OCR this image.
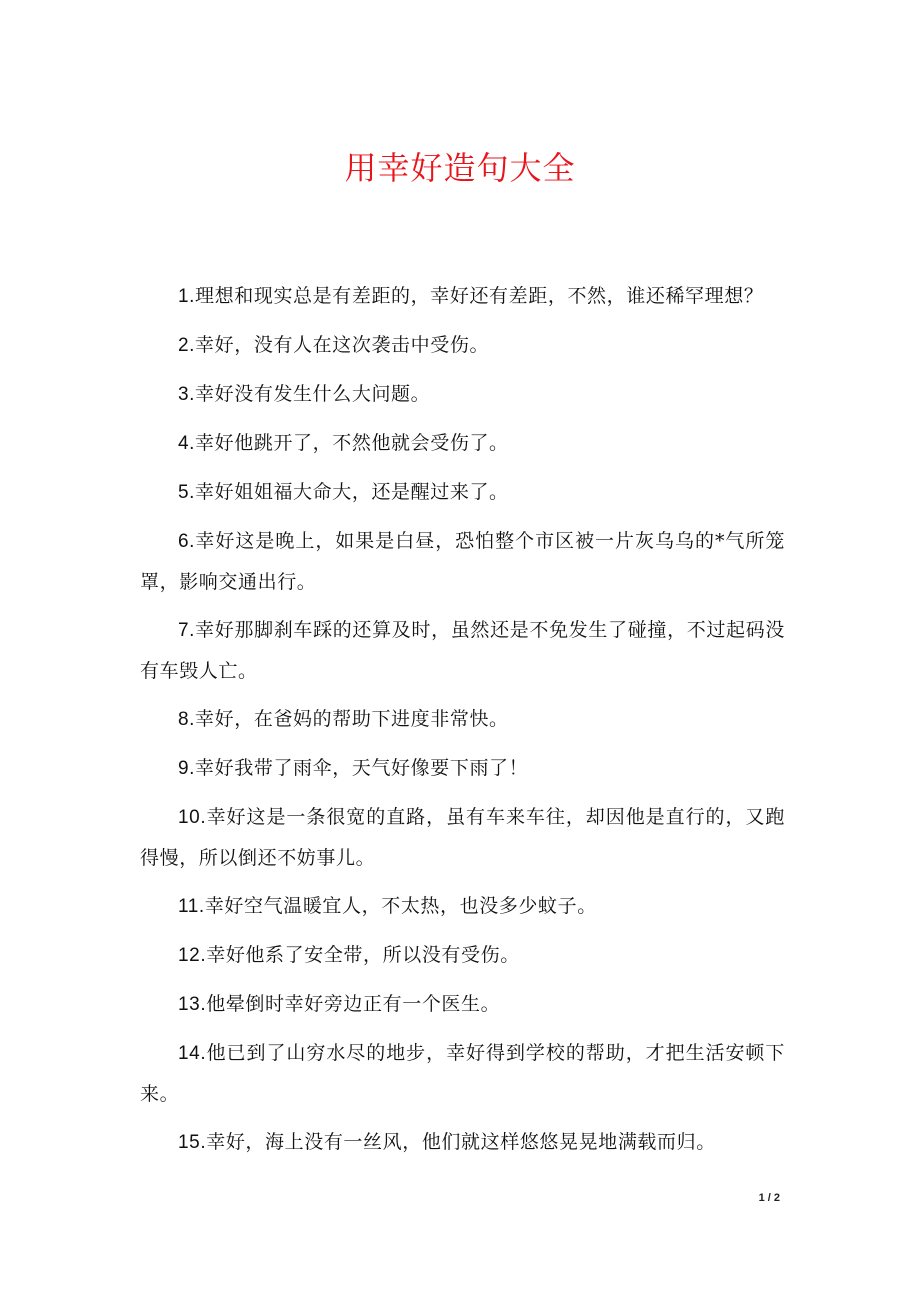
用幸好造句大全

1.理想和现实总是有差距的，幸好还有差距，不然，谁还稀罕理想？

2.幸好，没有人在这次袭击中受伤。

3.幸好没有发生什么大问题。

4.幸好他跳开了，不然他就会受伤了。

5.幸好姐姐福大命大，还是醒过来了。

6.幸好这是晚上，如果是白昼，恐怕整个市区被一片灰乌乌的*气所笼罩，影响交通出行。

7.幸好那脚刹车踩的还算及时，虽然还是不免发生了碰撞，不过起码没有车毁人亡。

8.幸好，在爸妈的帮助下进度非常快。

9.幸好我带了雨伞，天气好像要下雨了！

10.幸好这是一条很宽的直路，虽有车来车往，却因他是直行的，又跑得慢，所以倒还不妨事儿。

11.幸好空气温暖宜人，不太热，也没多少蚊子。

12.幸好他系了安全带，所以没有受伤。

13.他晕倒时幸好旁边正有一个医生。

14.他已到了山穷水尽的地步，幸好得到学校的帮助，才把生活安顿下来。

15.幸好，海上没有一丝风，他们就这样悠悠晃晃地满载而归。

1 / 2
